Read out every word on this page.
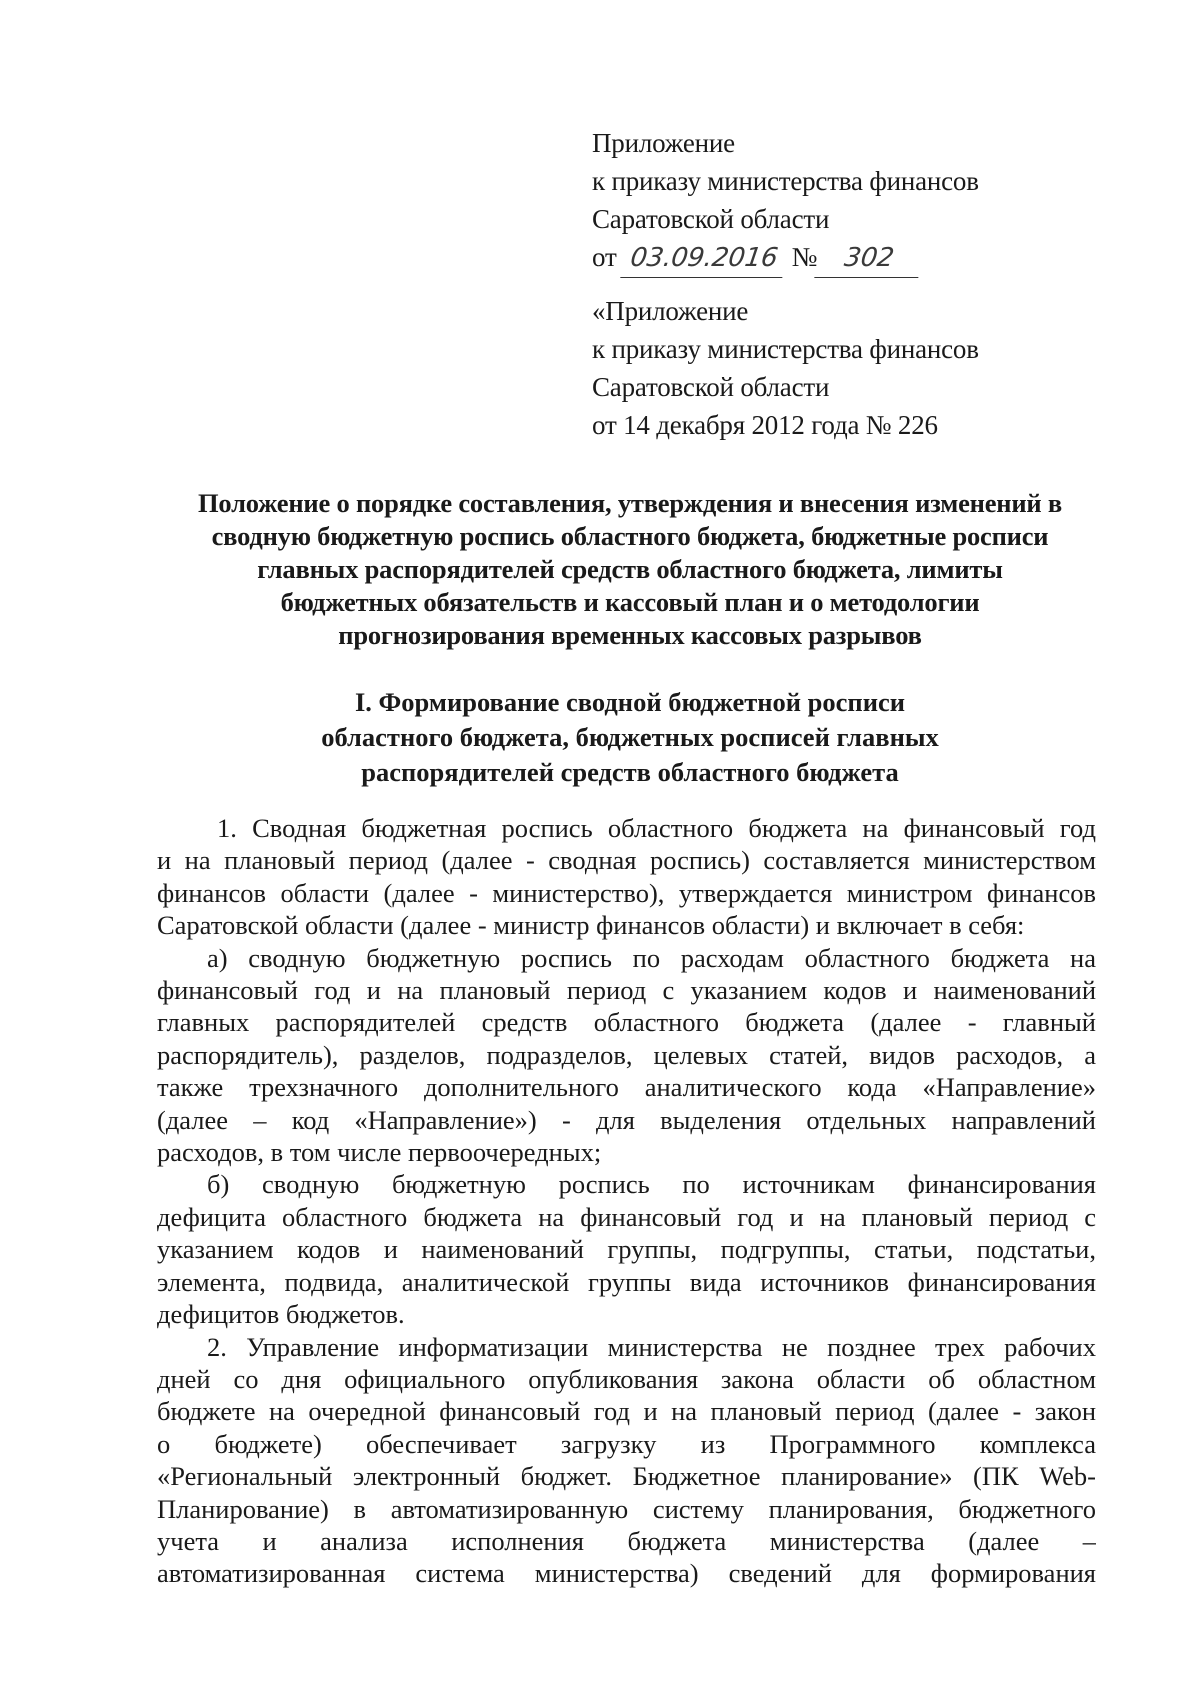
Приложение
к приказу министерства финансов
Саратовской области
от 03.09.2016 № 302
«Приложение
к приказу министерства финансов
Саратовской области
от 14 декабря 2012 года № 226
Положение о порядке составления, утверждения и внесения изменений в
сводную бюджетную роспись областного бюджета, бюджетные росписи
главных распорядителей средств областного бюджета, лимиты
бюджетных обязательств и кассовый план и о методологии
прогнозирования временных кассовых разрывов
I. Формирование сводной бюджетной росписи
областного бюджета, бюджетных росписей главных
распорядителей средств областного бюджета
1. Сводная бюджетная роспись областного бюджета на финансовый год
и на плановый период (далее - сводная роспись) составляется министерством
финансов области (далее - министерство), утверждается министром финансов
Саратовской области (далее - министр финансов области) и включает в себя:
а) сводную бюджетную роспись по расходам областного бюджета на
финансовый год и на плановый период с указанием кодов и наименований
главных распорядителей средств областного бюджета (далее - главный
распорядитель), разделов, подразделов, целевых статей, видов расходов, а
также трехзначного дополнительного аналитического кода «Направление»
(далее – код «Направление») - для выделения отдельных направлений
расходов, в том числе первоочередных;
б) сводную бюджетную роспись по источникам финансирования
дефицита областного бюджета на финансовый год и на плановый период с
указанием кодов и наименований группы, подгруппы, статьи, подстатьи,
элемента, подвида, аналитической группы вида источников финансирования
дефицитов бюджетов.
2. Управление информатизации министерства не позднее трех рабочих
дней со дня официального опубликования закона области об областном
бюджете на очередной финансовый год и на плановый период (далее - закон
о бюджете) обеспечивает загрузку из Программного комплекса
«Региональный электронный бюджет. Бюджетное планирование» (ПК Web-
Планирование) в автоматизированную систему планирования, бюджетного
учета и анализа исполнения бюджета министерства (далее –
автоматизированная система министерства) сведений для формирования
